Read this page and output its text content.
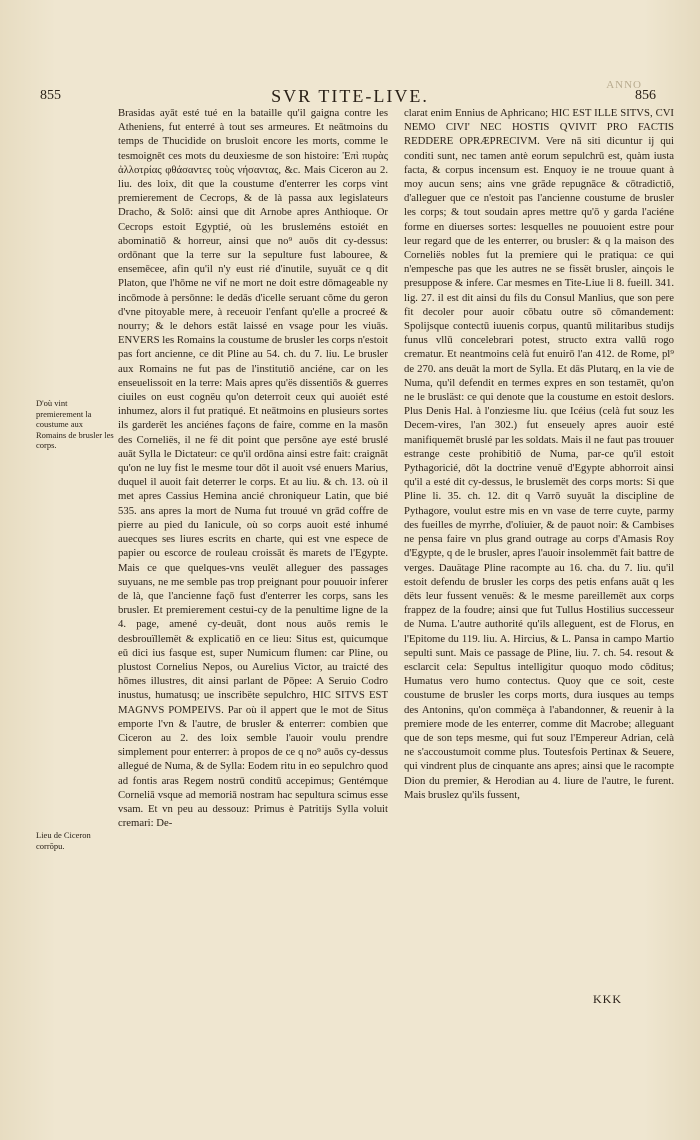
ANNO
855	SVR TITE-LIVE.	856
D'où vint premierement la coustume aux Romains de brusler les corps.
Lieu de Ciceron corrōpu.

Brasidas ayāt esté tué en la bataille qu'il gaigna contre les Atheniens, fut enterré à tout ses armeures. Et neātmoins du temps de Thucidide on brusloit encore les morts, comme le tesmoignēt ces mots du deuxiesme de son histoire: Ἐπὶ πυρὰς ἀλλοτρίας φθάσαντες τοὺς νήσαντας, &c. Mais Ciceron au 2. liu. des loix, dit que la coustume d'enterrer les corps vint premierement de Cecrops, & de là passa aux legislateurs Dracho, & Solō: ainsi que dit Arnobe apres Anthioque. Or Cecrops estoit Egyptié, où les brusleméns estoiét en abominatiō & horreur, ainsi que no⁹ auōs dit cy-dessus: ordōnant que la terre sur la sepulture fust labouree, & ensemēcee, afin qu'il n'y eust rié d'inutile, suyuāt ce q dit Platon, que l'hōme ne vif ne mort ne doit estre dōmageable ny incōmode à persōnne: le dedās d'icelle seruant cōme du geron d'vne pitoyable mere, à receuoir l'enfant qu'elle a procreé & nourry; & le dehors estāt laissé en vsage pour les viuās. ENVERS les Romains la coustume de brusler les corps n'estoit pas fort ancienne, ce dit Pline au 54. ch. du 7. liu. Le brusler aux Romains ne fut pas de l'institutiō anciéne, car on les enseuelissoit en la terre: Mais apres qu'ës dissentiōs & guerres ciuiles on eust cognëu qu'on deterroit ceux qui auoiét esté inhumez, alors il fut pratiqué. Et neātmoins en plusieurs sortes ils garderët les anciénes façons de faire, comme en la masōn des Corneliës, il ne fë dit point que persōne aye esté bruslé auāt Sylla le Dictateur: ce qu'il ordōna ainsi estre fait: craignāt qu'on ne luy fist le mesme tour dōt il auoit vsé enuers Marius, duquel il auoit fait deterrer le corps. Et au liu. & ch. 13. où il met apres Cassius Hemina ancié chroniqueur Latin, que bié 535. ans apres la mort de Numa fut trouué vn grād coffre de pierre au pied du Ianicule, où so corps auoit esté inhumé auecques ses liures escrits en charte, qui est vne espece de papier ou escorce de rouleau croissāt ës marets de l'Egypte. Mais ce que quelques-vns veulët alleguer des passages suyuans, ne me semble pas trop preignant pour pouuoir inferer de là, que l'ancienne façō fust d'enterrer les corps, sans les brusler. Et premierement cestui-cy de la penultime ligne de la 4. page, amené cy-deuāt, dont nous auōs remis le desbrouïllemët & explicatiō en ce lieu: Situs est, quicumque eū dici ius fasque est, super Numicum flumen: car Pline, ou plustost Cornelius Nepos, ou Aurelius Victor, au traicté des hōmes illustres, dit ainsi parlant de Pōpee: A Seruio Codro inustus, humatusq; ue inscribëte sepulchro, HIC SITVS EST MAGNVS POMPEIVS. Par où il appert que le mot de Situs emporte l'vn & l'autre, de brusler & enterrer: combien que Ciceron au 2. des loix semble l'auoir voulu prendre simplement pour enterrer: à propos de ce q no⁹ auōs cy-dessus allegué de Numa, & de Sylla: Eodem ritu in eo sepulchro quod ad fontis aras Regem nostrū conditū accepimus; Gentémque Corneliā vsque ad memoriā nostram hac sepultura scimus esse vsam. Et vn peu au dessouz: Primus è Patritijs Sylla voluit cremari: De-

clarat enim Ennius de Aphricano; HIC EST ILLE SITVS, CVI NEMO CIVI' NEC HOSTIS QVIVIT PRO FACTIS REDDERE OPRÆPRECIVM. Vere nā siti dicuntur ij qui conditi sunt, nec tamen antè eorum sepulchrū est, quàm iusta facta, & corpus incensum est. Enquoy ie ne trouue quant à moy aucun sens; ains vne grāde repugnāce & cōtradictiō, d'alleguer que ce n'estoit pas l'ancienne coustume de brusler les corps; & tout soudain apres mettre qu'ō y garda l'aciéne forme en diuerses sortes: lesquelles ne pouuoient estre pour leur regard que de les enterrer, ou brusler: & q la maison des Corneliës nobles fut la premiere qui le pratiqua: ce qui n'empesche pas que les autres ne se fissët brusler, ainçois le presuppose & infere. Car mesmes en Tite-Liue li 8. fueill. 341. lig. 27. il est dit ainsi du fils du Consul Manlius, que son pere fit decoler pour auoir cōbatu outre sō cōmandement: Spolijsque contectū iuuenis corpus, quantū militaribus studijs funus vllū concelebrari potest, structo extra vallū rogo crematur. Et neantmoins celà fut enuirō l'an 412. de Rome, pl⁹ de 270. ans deuāt la mort de Sylla. Et dās Plutarq, en la vie de Numa, qu'il defendit en termes expres en son testamët, qu'on ne le brusläst: ce qui denote que la coustume en estoit deslors. Plus Denis Hal. à l'onziesme liu. que Icéius (celà fut souz les Decem-vires, l'an 302.) fut enseuely apres auoir esté manifiquemët bruslé par les soldats. Mais il ne faut pas trouuer estrange ceste prohibitiō de Numa, par-ce qu'il estoit Pythagoricié, dōt la doctrine venuë d'Egypte abhorroit ainsi qu'il a esté dit cy-dessus, le bruslemët des corps morts: Si que Pline li. 35. ch. 12. dit q Varrō suyuāt la discipline de Pythagore, voulut estre mis en vn vase de terre cuyte, parmy des fueilles de myrrhe, d'oliuier, & de pauot noir: & Cambises ne pensa faire vn plus grand outrage au corps d'Amasis Roy d'Egypte, q de le brusler, apres l'auoir insolemmët fait battre de verges. Dauätage Pline racompte au 16. cha. du 7. liu. qu'il estoit defendu de brusler les corps des petis enfans auāt q les dëts leur fussent venuës: & le mesme pareillemët aux corps frappez de la foudre; ainsi que fut Tullus Hostilius successeur de Numa. L'autre authorité qu'ils alleguent, est de Florus, en l'Epitome du 119. liu. A. Hircius, & L. Pansa in campo Martio sepulti sunt. Mais ce passage de Pline, liu. 7. ch. 54. resout & esclarcit cela: Sepultus intelligitur quoquo modo cōditus; Humatus vero humo contectus. Quoy que ce soit, ceste coustume de brusler les corps morts, dura iusques au temps des Antonins, qu'on commëça à l'abandonner, & reuenir à la premiere mode de les enterrer, comme dit Macrobe; alleguant que de son teps mesme, qui fut souz l'Empereur Adrian, celà ne s'accoustumoit comme plus. Toutesfois Pertinax & Seuere, qui vindrent plus de cinquante ans apres; ainsi que le racompte Dion du premier, & Herodian au 4. liure de l'autre, le furent. Mais bruslez qu'ils fussent,

KKK
